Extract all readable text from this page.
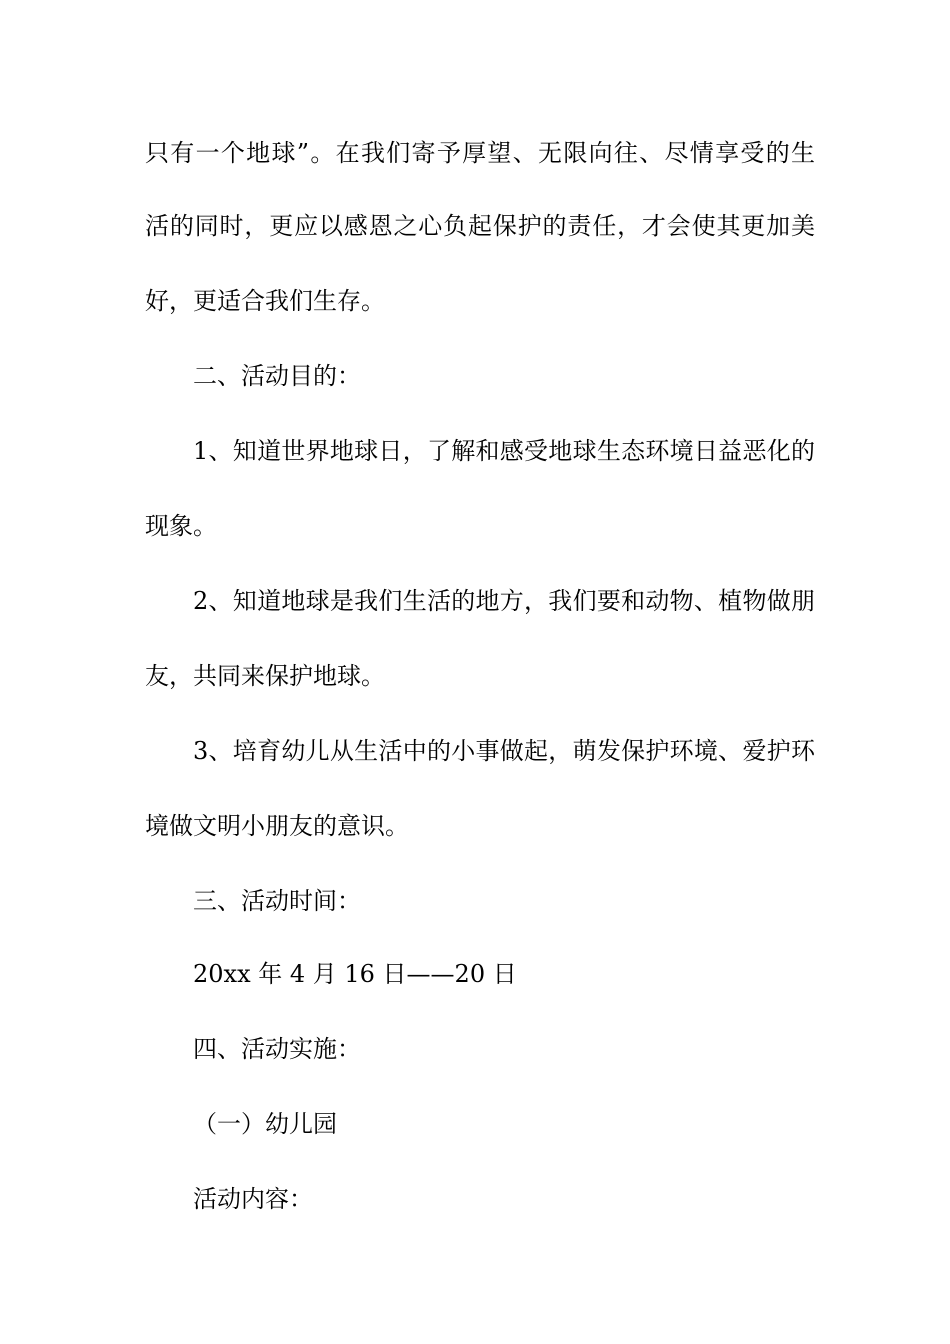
只有一个地球”。在我们寄予厚望、无限向往、尽情享受的生
活的同时，更应以感恩之心负起保护的责任，才会使其更加美
好，更适合我们生存。
二、活动目的：
1、知道世界地球日，了解和感受地球生态环境日益恶化的
现象。
2、知道地球是我们生活的地方，我们要和动物、植物做朋
友，共同来保护地球。
3、培育幼儿从生活中的小事做起，萌发保护环境、爱护环
境做文明小朋友的意识。
三、活动时间：
20xx 年 4 月 16 日——20 日
四、活动实施：
（一）幼儿园
活动内容：
